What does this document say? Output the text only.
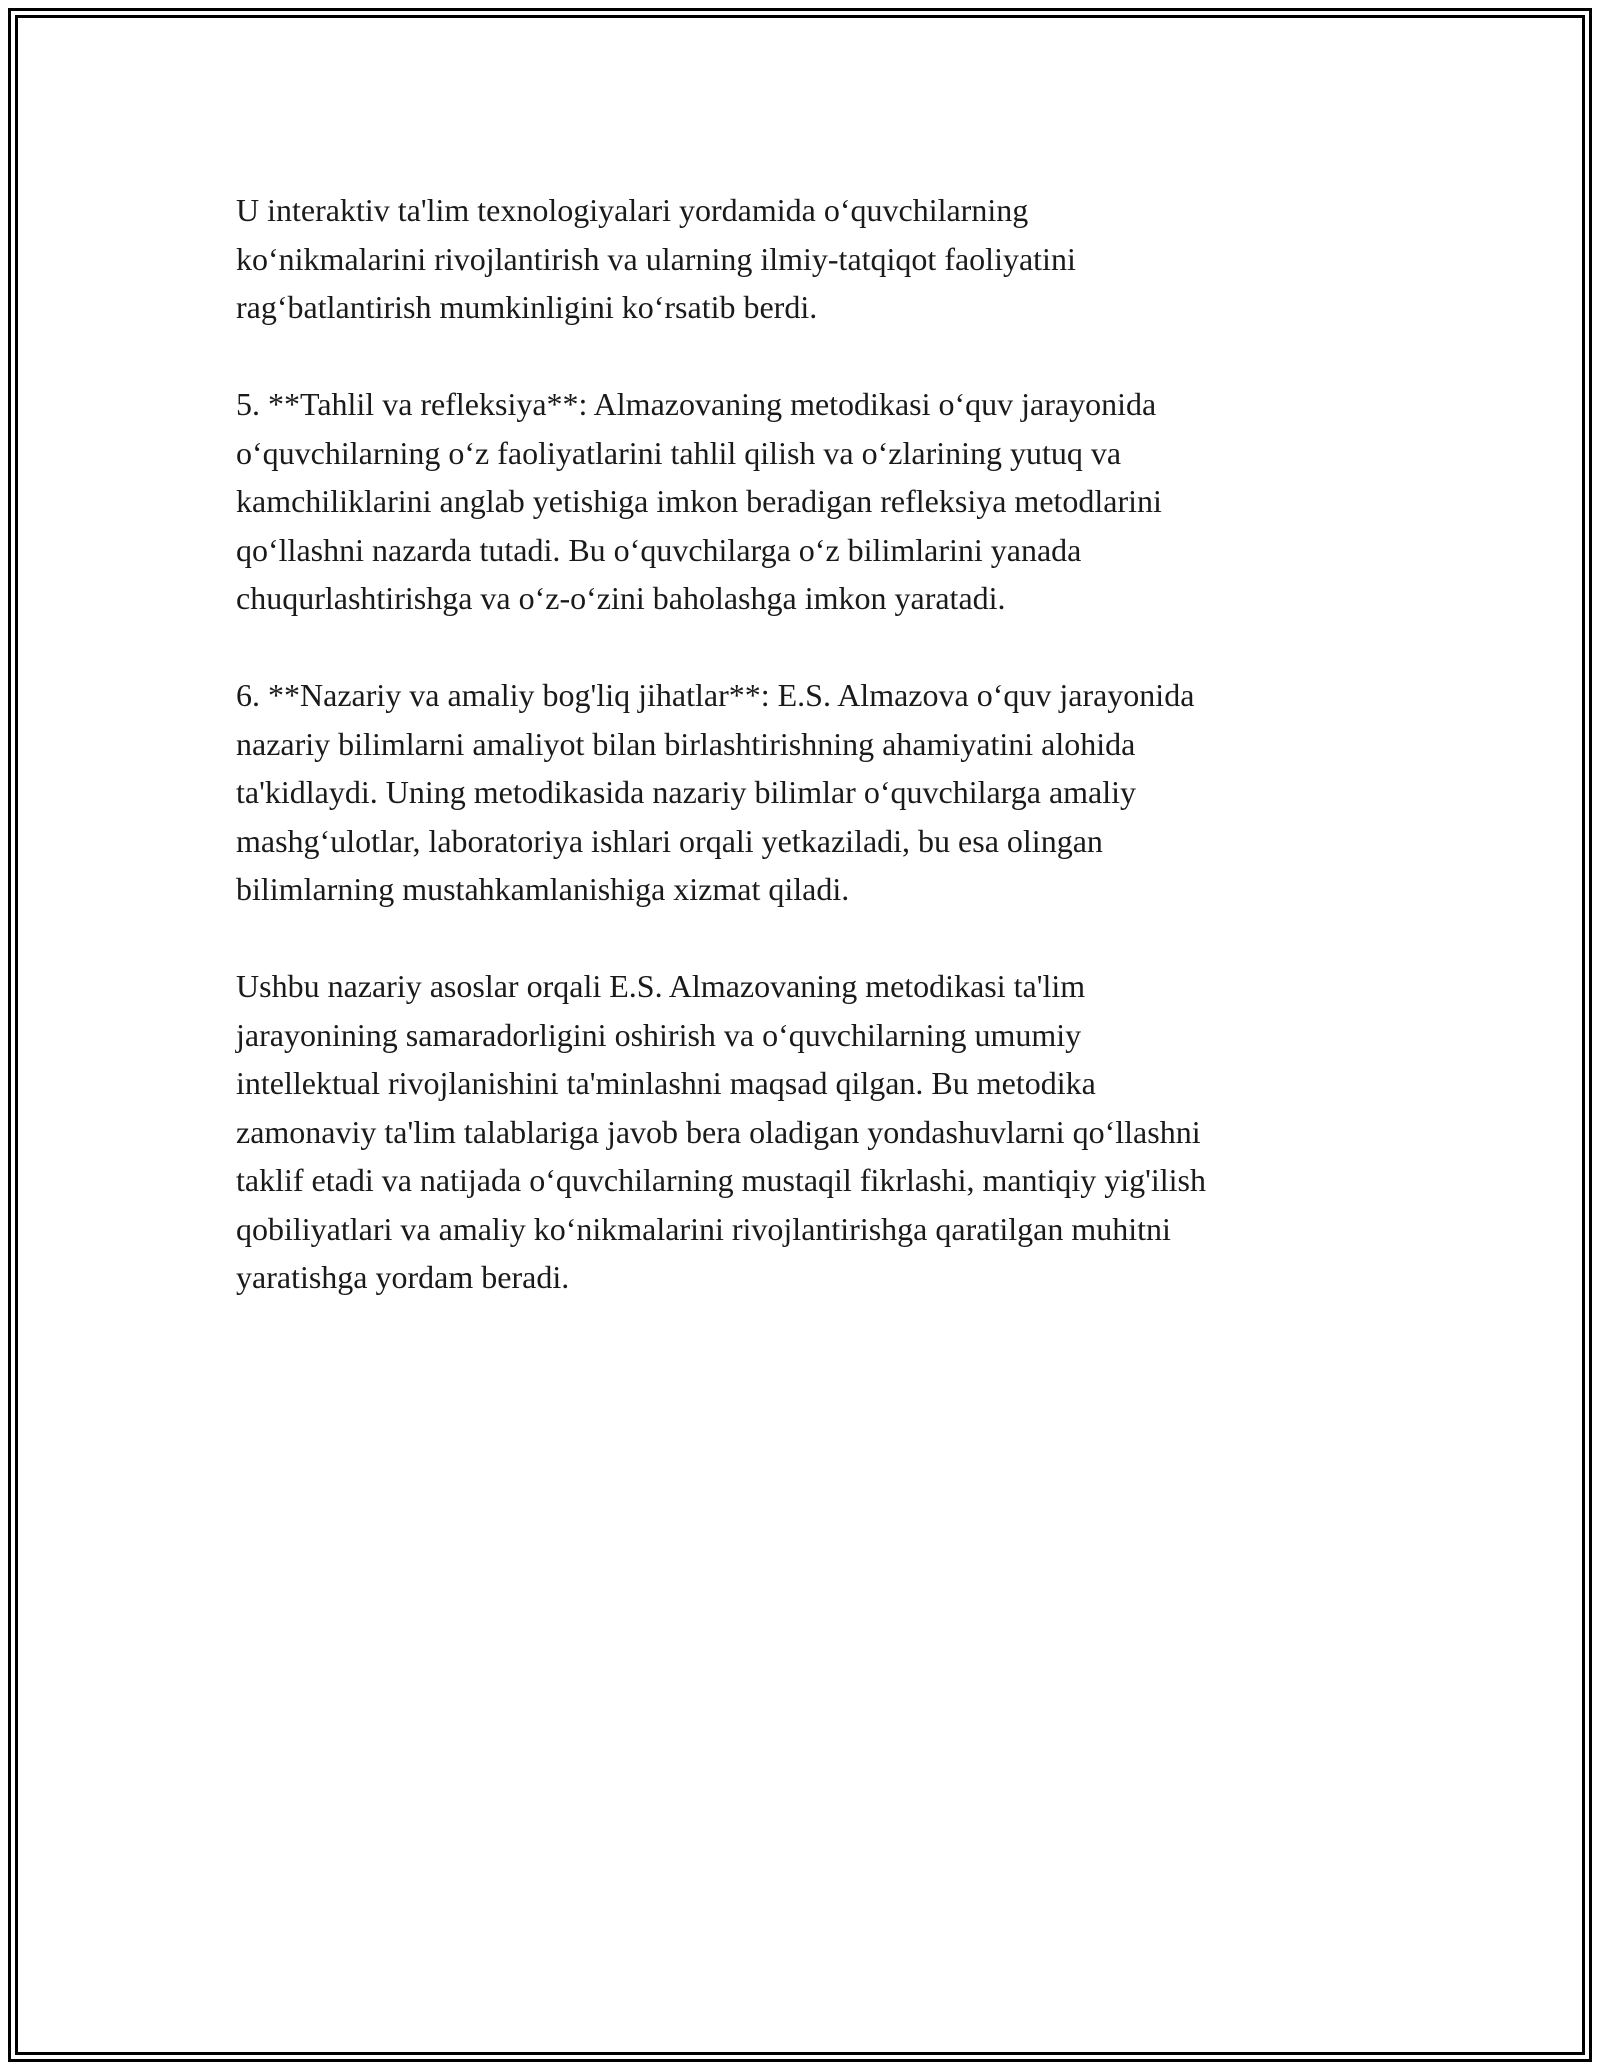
U interaktiv ta'lim texnologiyalari yordamida o‘quvchilarning
ko‘nikmalarini rivojlantirish va ularning ilmiy-tatqiqot faoliyatini
rag‘batlantirish mumkinligini ko‘rsatib berdi.

5. **Tahlil va refleksiya**: Almazovaning metodikasi o‘quv jarayonida
o‘quvchilarning o‘z faoliyatlarini tahlil qilish va o‘zlarining yutuq va
kamchiliklarini anglab yetishiga imkon beradigan refleksiya metodlarini
qo‘llashni nazarda tutadi. Bu o‘quvchilarga o‘z bilimlarini yanada
chuqurlashtirishga va o‘z-o‘zini baholashga imkon yaratadi.

6. **Nazariy va amaliy bog'liq jihatlar**: E.S. Almazova o‘quv jarayonida
nazariy bilimlarni amaliyot bilan birlashtirishning ahamiyatini alohida
ta'kidlaydi. Uning metodikasida nazariy bilimlar o‘quvchilarga amaliy
mashg‘ulotlar, laboratoriya ishlari orqali yetkaziladi, bu esa olingan
bilimlarning mustahkamlanishiga xizmat qiladi.

Ushbu nazariy asoslar orqali E.S. Almazovaning metodikasi ta'lim
jarayonining samaradorligini oshirish va o‘quvchilarning umumiy
intellektual rivojlanishini ta'minlashni maqsad qilgan. Bu metodika
zamonaviy ta'lim talablariga javob bera oladigan yondashuvlarni qo‘llashni
taklif etadi va natijada o‘quvchilarning mustaqil fikrlashi, mantiqiy yig'ilish
qobiliyatlari va amaliy ko‘nikmalarini rivojlantirishga qaratilgan muhitni
yaratishga yordam beradi.
